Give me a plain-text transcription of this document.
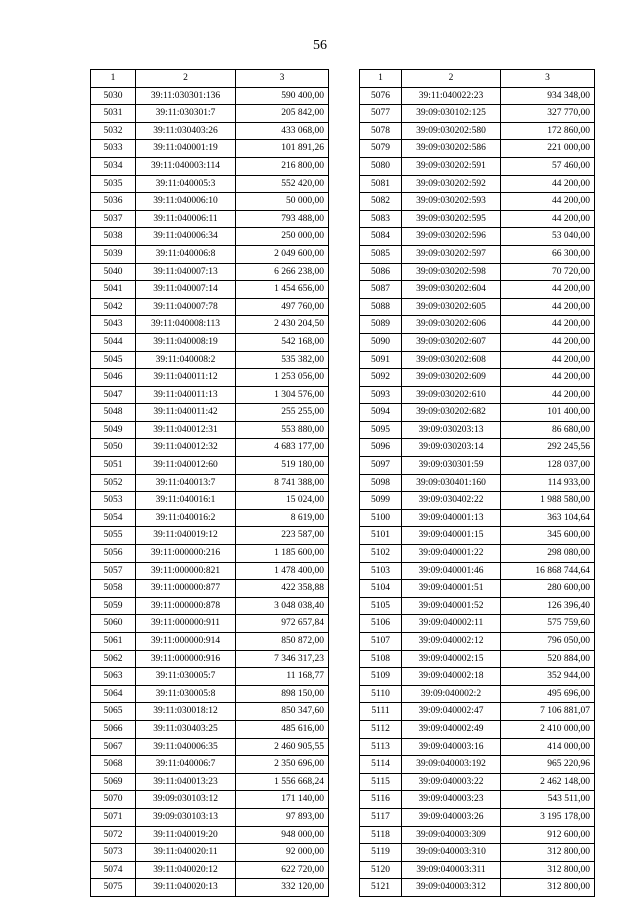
56
1	2	3
5030	39:11:030301:136	590 400,00
5031	39:11:030301:7	205 842,00
5032	39:11:030403:26	433 068,00
5033	39:11:040001:19	101 891,26
5034	39:11:040003:114	216 800,00
5035	39:11:040005:3	552 420,00
5036	39:11:040006:10	50 000,00
5037	39:11:040006:11	793 488,00
5038	39:11:040006:34	250 000,00
5039	39:11:040006:8	2 049 600,00
5040	39:11:040007:13	6 266 238,00
5041	39:11:040007:14	1 454 656,00
5042	39:11:040007:78	497 760,00
5043	39:11:040008:113	2 430 204,50
5044	39:11:040008:19	542 168,00
5045	39:11:040008:2	535 382,00
5046	39:11:040011:12	1 253 056,00
5047	39:11:040011:13	1 304 576,00
5048	39:11:040011:42	255 255,00
5049	39:11:040012:31	553 880,00
5050	39:11:040012:32	4 683 177,00
5051	39:11:040012:60	519 180,00
5052	39:11:040013:7	8 741 388,00
5053	39:11:040016:1	15 024,00
5054	39:11:040016:2	8 619,00
5055	39:11:040019:12	223 587,00
5056	39:11:000000:216	1 185 600,00
5057	39:11:000000:821	1 478 400,00
5058	39:11:000000:877	422 358,88
5059	39:11:000000:878	3 048 038,40
5060	39:11:000000:911	972 657,84
5061	39:11:000000:914	850 872,00
5062	39:11:000000:916	7 346 317,23
5063	39:11:030005:7	11 168,77
5064	39:11:030005:8	898 150,00
5065	39:11:030018:12	850 347,60
5066	39:11:030403:25	485 616,00
5067	39:11:040006:35	2 460 905,55
5068	39:11:040006:7	2 350 696,00
5069	39:11:040013:23	1 556 668,24
5070	39:09:030103:12	171 140,00
5071	39:09:030103:13	97 893,00
5072	39:11:040019:20	948 000,00
5073	39:11:040020:11	92 000,00
5074	39:11:040020:12	622 720,00
5075	39:11:040020:13	332 120,00
1	2	3
5076	39:11:040022:23	934 348,00
5077	39:09:030102:125	327 770,00
5078	39:09:030202:580	172 860,00
5079	39:09:030202:586	221 000,00
5080	39:09:030202:591	57 460,00
5081	39:09:030202:592	44 200,00
5082	39:09:030202:593	44 200,00
5083	39:09:030202:595	44 200,00
5084	39:09:030202:596	53 040,00
5085	39:09:030202:597	66 300,00
5086	39:09:030202:598	70 720,00
5087	39:09:030202:604	44 200,00
5088	39:09:030202:605	44 200,00
5089	39:09:030202:606	44 200,00
5090	39:09:030202:607	44 200,00
5091	39:09:030202:608	44 200,00
5092	39:09:030202:609	44 200,00
5093	39:09:030202:610	44 200,00
5094	39:09:030202:682	101 400,00
5095	39:09:030203:13	86 680,00
5096	39:09:030203:14	292 245,56
5097	39:09:030301:59	128 037,00
5098	39:09:030401:160	114 933,00
5099	39:09:030402:22	1 988 580,00
5100	39:09:040001:13	363 104,64
5101	39:09:040001:15	345 600,00
5102	39:09:040001:22	298 080,00
5103	39:09:040001:46	16 868 744,64
5104	39:09:040001:51	280 600,00
5105	39:09:040001:52	126 396,40
5106	39:09:040002:11	575 759,60
5107	39:09:040002:12	796 050,00
5108	39:09:040002:15	520 884,00
5109	39:09:040002:18	352 944,00
5110	39:09:040002:2	495 696,00
5111	39:09:040002:47	7 106 881,07
5112	39:09:040002:49	2 410 000,00
5113	39:09:040003:16	414 000,00
5114	39:09:040003:192	965 220,96
5115	39:09:040003:22	2 462 148,00
5116	39:09:040003:23	543 511,00
5117	39:09:040003:26	3 195 178,00
5118	39:09:040003:309	912 600,00
5119	39:09:040003:310	312 800,00
5120	39:09:040003:311	312 800,00
5121	39:09:040003:312	312 800,00
